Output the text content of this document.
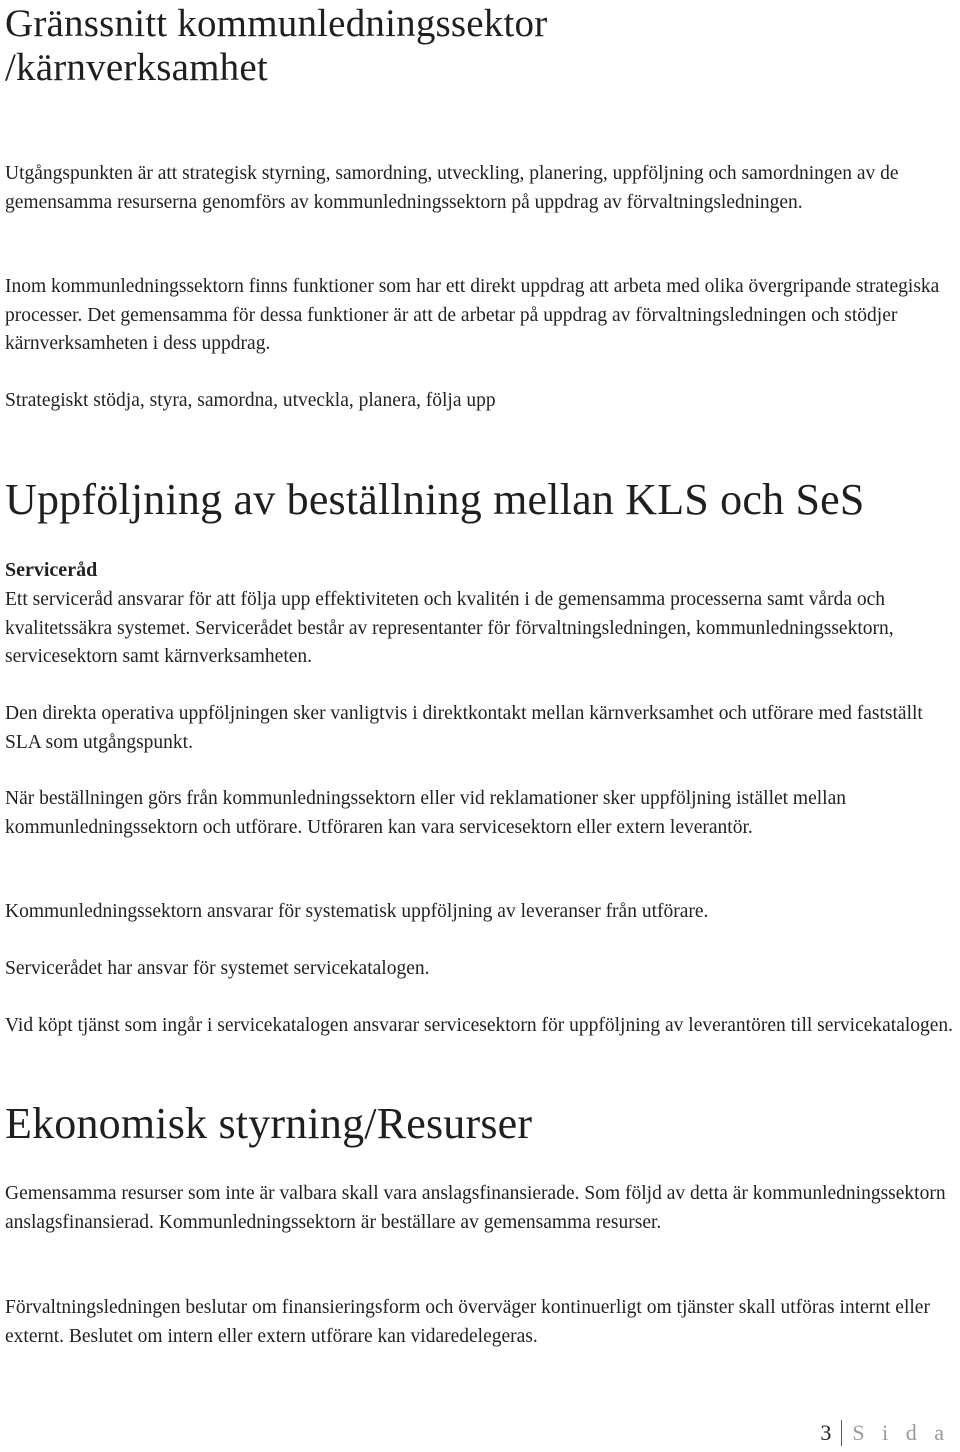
Gränssnitt kommunledningssektor
/kärnverksamhet

Utgångspunkten är att strategisk styrning, samordning, utveckling, planering, uppföljning och samordningen av de gemensamma resurserna genomförs av kommunledningssektorn på uppdrag av förvaltningsledningen.

Inom kommunledningssektorn finns funktioner som har ett direkt uppdrag att arbeta med olika övergripande strategiska processer. Det gemensamma för dessa funktioner är att de arbetar på uppdrag av förvaltningsledningen och stödjer kärnverksamheten i dess uppdrag.

Strategiskt stödja, styra, samordna, utveckla, planera, följa upp

Uppföljning av beställning mellan KLS och SeS

Serviceråd

Ett serviceråd ansvarar för att följa upp effektiviteten och kvalitén i de gemensamma processerna samt vårda och kvalitetssäkra systemet. Servicerådet består av representanter för förvaltningsledningen, kommunledningssektorn, servicesektorn samt kärnverksamheten.

Den direkta operativa uppföljningen sker vanligtvis i direktkontakt mellan kärnverksamhet och utförare med fastställt SLA som utgångspunkt.

När beställningen görs från kommunledningssektorn eller vid reklamationer sker uppföljning istället mellan kommunledningssektorn och utförare. Utföraren kan vara servicesektorn eller extern leverantör.

Kommunledningssektorn ansvarar för systematisk uppföljning av leveranser från utförare.

Servicerådet har ansvar för systemet servicekatalogen.

Vid köpt tjänst som ingår i servicekatalogen ansvarar servicesektorn för uppföljning av leverantören till servicekatalogen.

Ekonomisk styrning/Resurser

Gemensamma resurser som inte är valbara skall vara anslagsfinansierade. Som följd av detta är kommunledningssektorn anslagsfinansierad. Kommunledningssektorn är beställare av gemensamma resurser.

Förvaltningsledningen beslutar om finansieringsform och överväger kontinuerligt om tjänster skall utföras internt eller externt. Beslutet om intern eller extern utförare kan vidaredelegeras.

3 S i d a
